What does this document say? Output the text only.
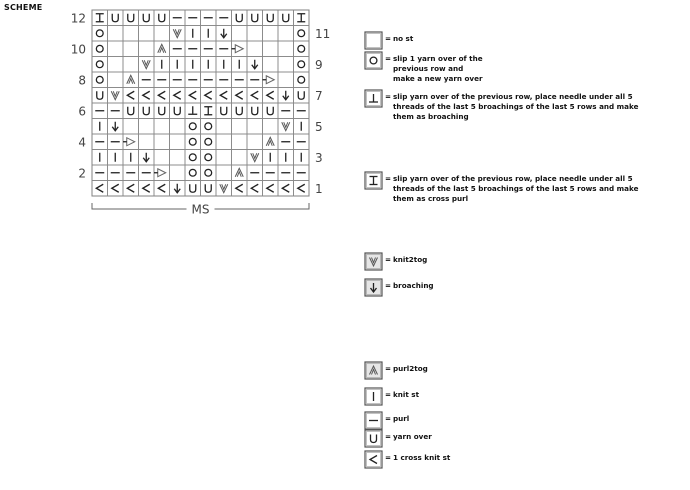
SCHEME
12
10
8
6
4
2
11
9
7
5
3
1
MS
= no st
= slip 1 yarn over of the
previous row and
make a new yarn over
= slip yarn over of the previous row, place needle under all 5
threads of the last 5 broachings of the last 5 rows and make
them as broaching
= slip yarn over of the previous row, place needle under all 5
threads of the last 5 broachings of the last 5 rows and make
them as cross purl
= knit2tog
= broaching
= purl2tog
= knit st
= purl
= yarn over
= 1 cross knit st
